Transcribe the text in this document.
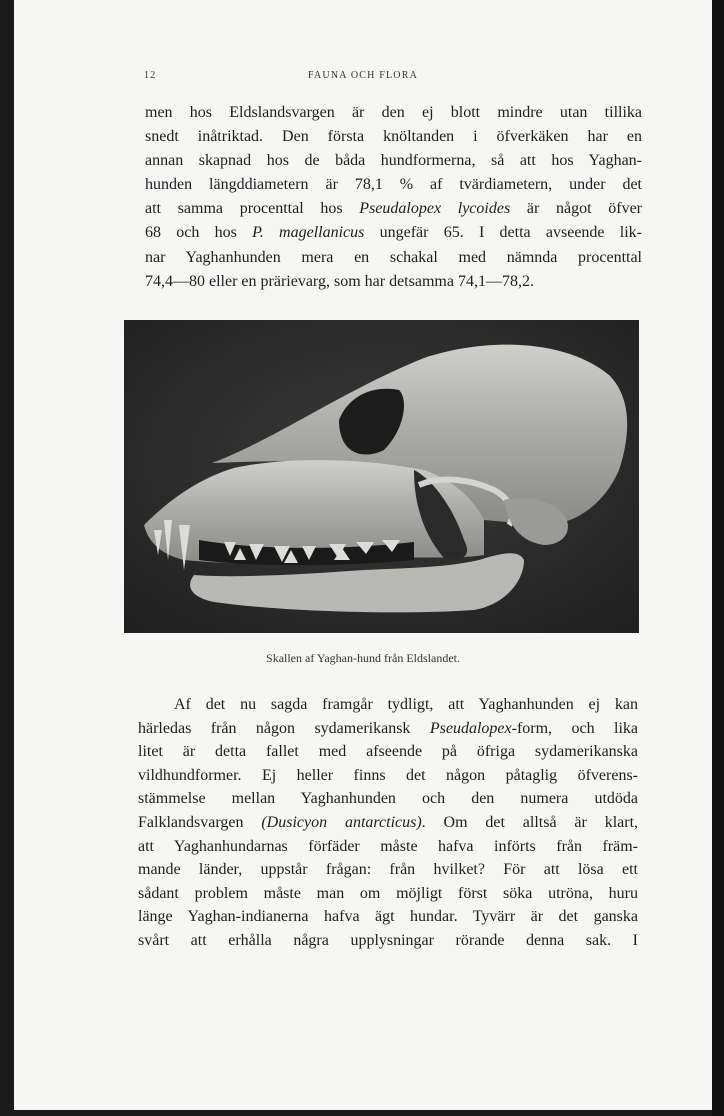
12	FAUNA OCH FLORA
men hos Eldslandsvargen är den ej blott mindre utan tillika
snedt inåtriktad. Den första knöltanden i öfverkäken har en
annan skapnad hos de båda hundformerna, så att hos Yaghan-
hunden längddiametern är 78,1 % af tvärdiametern, under det
att samma procenttal hos Pseudalopex lycoides är något öfver
68 och hos P. magellanicus ungefär 65. I detta avseende lik-
nar Yaghanhunden mera en schakal med nämnda procenttal
74,4—80 eller en prärievarg, som har detsamma 74,1—78,2.
Skallen af Yaghan-hund från Eldslandet.
Af det nu sagda framgår tydligt, att Yaghanhunden ej kan
härledas från någon sydamerikansk Pseudalopex-form, och lika
litet är detta fallet med afseende på öfriga sydamerikanska
vildhundformer. Ej heller finns det någon påtaglig öfverens-
stämmelse mellan Yaghanhunden och den numera utdöda
Falklandsvargen (Dusicyon antarcticus). Om det alltså är klart,
att Yaghanhundarnas förfäder måste hafva införts från främ-
mande länder, uppstår frågan: från hvilket? För att lösa ett
sådant problem måste man om möjligt först söka utröna, huru
länge Yaghan-indianerna hafva ägt hundar. Tyvärr är det ganska
svårt att erhålla några upplysningar rörande denna sak. I
